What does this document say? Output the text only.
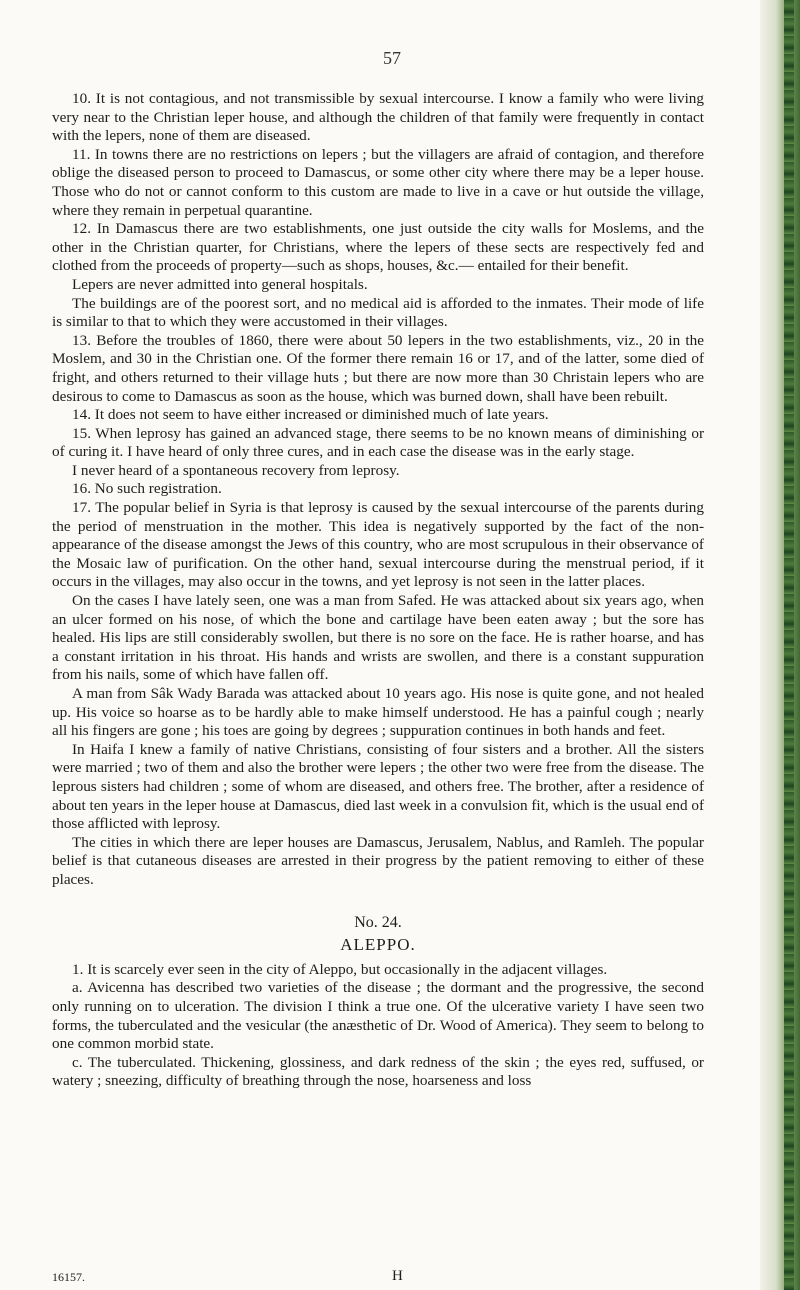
57

10. It is not contagious, and not transmissible by sexual intercourse. I know a family who were living very near to the Christian leper house, and although the children of that family were frequently in contact with the lepers, none of them are diseased.

11. In towns there are no restrictions on lepers ; but the villagers are afraid of contagion, and therefore oblige the diseased person to proceed to Damascus, or some other city where there may be a leper house. Those who do not or cannot conform to this custom are made to live in a cave or hut outside the village, where they remain in perpetual quarantine.

12. In Damascus there are two establishments, one just outside the city walls for Moslems, and the other in the Christian quarter, for Christians, where the lepers of these sects are respectively fed and clothed from the proceeds of property—such as shops, houses, &c.— entailed for their benefit.

Lepers are never admitted into general hospitals.

The buildings are of the poorest sort, and no medical aid is afforded to the inmates. Their mode of life is similar to that to which they were accustomed in their villages.

13. Before the troubles of 1860, there were about 50 lepers in the two establishments, viz., 20 in the Moslem, and 30 in the Christian one. Of the former there remain 16 or 17, and of the latter, some died of fright, and others returned to their village huts ; but there are now more than 30 Christain lepers who are desirous to come to Damascus as soon as the house, which was burned down, shall have been rebuilt.

14. It does not seem to have either increased or diminished much of late years.

15. When leprosy has gained an advanced stage, there seems to be no known means of diminishing or of curing it. I have heard of only three cures, and in each case the disease was in the early stage.

I never heard of a spontaneous recovery from leprosy.

16. No such registration.

17. The popular belief in Syria is that leprosy is caused by the sexual intercourse of the parents during the period of menstruation in the mother. This idea is negatively supported by the fact of the non-appearance of the disease amongst the Jews of this country, who are most scrupulous in their observance of the Mosaic law of purification. On the other hand, sexual intercourse during the menstrual period, if it occurs in the villages, may also occur in the towns, and yet leprosy is not seen in the latter places.

On the cases I have lately seen, one was a man from Safed. He was attacked about six years ago, when an ulcer formed on his nose, of which the bone and cartilage have been eaten away ; but the sore has healed. His lips are still considerably swollen, but there is no sore on the face. He is rather hoarse, and has a constant irritation in his throat. His hands and wrists are swollen, and there is a constant suppuration from his nails, some of which have fallen off.

A man from Sâk Wady Barada was attacked about 10 years ago. His nose is quite gone, and not healed up. His voice so hoarse as to be hardly able to make himself understood. He has a painful cough ; nearly all his fingers are gone ; his toes are going by degrees ; suppuration continues in both hands and feet.

In Haifa I knew a family of native Christians, consisting of four sisters and a brother. All the sisters were married ; two of them and also the brother were lepers ; the other two were free from the disease. The leprous sisters had children ; some of whom are diseased, and others free. The brother, after a residence of about ten years in the leper house at Damascus, died last week in a convulsion fit, which is the usual end of those afflicted with leprosy.

The cities in which there are leper houses are Damascus, Jerusalem, Nablus, and Ramleh. The popular belief is that cutaneous diseases are arrested in their progress by the patient removing to either of these places.

No. 24.

ALEPPO.

1. It is scarcely ever seen in the city of Aleppo, but occasionally in the adjacent villages.

a. Avicenna has described two varieties of the disease ; the dormant and the progressive, the second only running on to ulceration. The division I think a true one. Of the ulcerative variety I have seen two forms, the tuberculated and the vesicular (the anæsthetic of Dr. Wood of America). They seem to belong to one common morbid state.

c. The tuberculated. Thickening, glossiness, and dark redness of the skin ; the eyes red, suffused, or watery ; sneezing, difficulty of breathing through the nose, hoarseness and loss

16157.	H
